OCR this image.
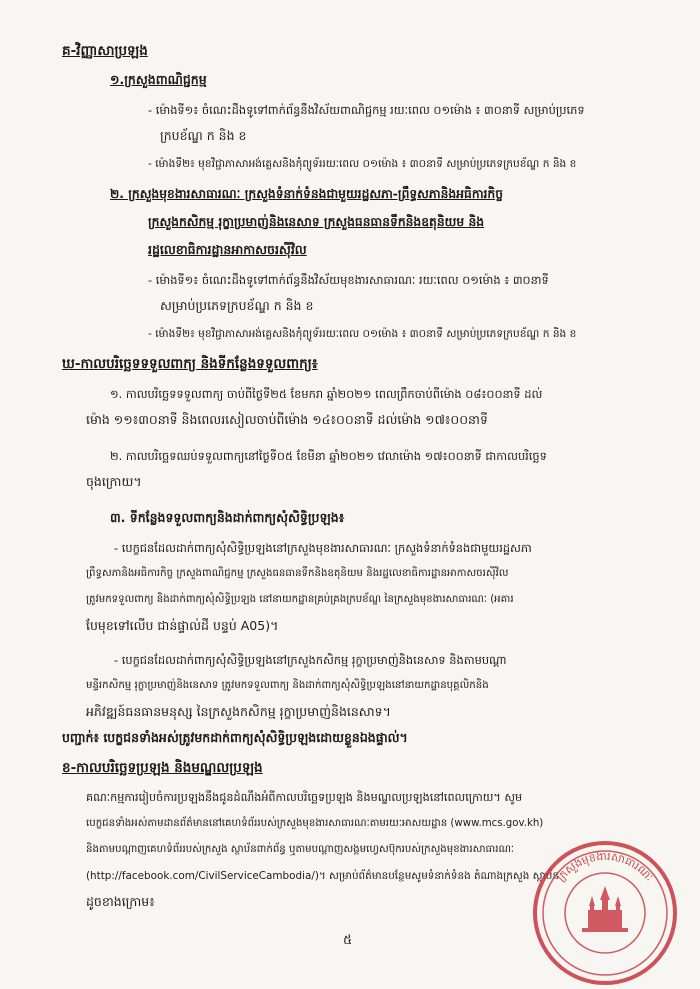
គ-វិញ្ញាសាប្រឡង
១.ក្រសួងពាណិជ្ជកម្ម
- ម៉ោងទី១៖ ចំណេះដឹងទូទៅពាក់ព័ន្ធនឹងវិស័យពាណិជ្ជកម្ម រយៈពេល ០១ម៉ោង ៖ ៣០នាទី សម្រាប់ប្រភេទ
ក្របខ័ណ្ឌ ក និង ខ
- ម៉ោងទី២៖ មុខវិជ្ជាភាសាអង់គ្លេសនិងកុំព្យូទ័ររយៈពេល ០១ម៉ោង ៖ ៣០នាទី សម្រាប់ប្រភេទក្របខ័ណ្ឌ ក និង ខ
២. ក្រសួងមុខងារសាធារណៈ ក្រសួងទំនាក់ទំនងជាមួយរដ្ឋសភា-ព្រឹទ្ធសភានិងអធិការកិច្ច
ក្រសួងកសិកម្ម រុក្ខាប្រមាញ់និងនេសាទ ក្រសួងធនធានទឹកនិងឧតុនិយម និង
រដ្ឋលេខាធិការដ្ឋានអាកាសចរស៊ីវិល
- ម៉ោងទី១៖ ចំណេះដឹងទូទៅពាក់ព័ន្ធនឹងវិស័យមុខងារសាធារណៈ រយៈពេល ០១ម៉ោង ៖ ៣០នាទី
សម្រាប់ប្រភេទក្របខ័ណ្ឌ ក និង ខ
- ម៉ោងទី២៖ មុខវិជ្ជាភាសាអង់គ្លេសនិងកុំព្យូទ័ររយៈពេល ០១ម៉ោង ៖ ៣០នាទី សម្រាប់ប្រភេទក្របខ័ណ្ឌ ក និង ខ
ឃ-កាលបរិច្ឆេទទទួលពាក្យ និងទីកន្លែងទទួលពាក្យ៖
១. កាលបរិច្ឆេទទទួលពាក្យ ចាប់ពីថ្ងៃទី២៥ ខែមករា ឆ្នាំ២០២១ ពេលព្រឹកចាប់ពីម៉ោង ០៨៖០០នាទី ដល់
ម៉ោង ១១៖៣០នាទី និងពេលរសៀលចាប់ពីម៉ោង ១៤៖០០នាទី ដល់ម៉ោង ១៧៖០០នាទី
២. កាលបរិច្ឆេទឈប់ទទួលពាក្យនៅថ្ងៃទី០៥ ខែមីនា ឆ្នាំ២០២១ វេលាម៉ោង ១៧៖០០នាទី ជាកាលបរិច្ឆេទ
ចុងក្រោយ។
៣. ទីកន្លែងទទួលពាក្យនិងដាក់ពាក្យសុំសិទ្ធិប្រឡង៖
- បេក្ខជនដែលដាក់ពាក្យសុំសិទ្ធិប្រឡងនៅក្រសួងមុខងារសាធារណៈ ក្រសួងទំនាក់ទំនងជាមួយរដ្ឋសភា
ព្រឹទ្ធសភានិងអធិការកិច្ច ក្រសួងពាណិជ្ជកម្ម ក្រសួងធនធានទឹកនិងឧតុនិយម និងរដ្ឋលេខាធិការដ្ឋានអាកាសចរស៊ីវិល
ត្រូវមកទទួលពាក្យ និងដាក់ពាក្យសុំសិទ្ធិប្រឡង នៅនាយកដ្ឋានគ្រប់គ្រងក្របខ័ណ្ឌ នៃក្រសួងមុខងារសាធារណៈ (អគារ
បែមុខទៅលើប ជាន់ផ្ទាល់ដី បន្ទប់ A05)។
- បេក្ខជនដែលដាក់ពាក្យសុំសិទ្ធិប្រឡងនៅក្រសួងកសិកម្ម រុក្ខាប្រមាញ់និងនេសាទ និងតាមបណ្តា
មន្ទីរកសិកម្ម រុក្ខាប្រមាញ់និងនេសាទ ត្រូវមកទទួលពាក្យ និងដាក់ពាក្យសុំសិទ្ធិប្រឡងនៅនាយកដ្ឋានបុគ្គលិកនិង
អភិវឌ្ឍន៍ធនធានមនុស្ស នៃក្រសួងកសិកម្ម រុក្ខាប្រមាញ់និងនេសាទ។
បញ្ជាក់៖ បេក្ខជនទាំងអស់ត្រូវមកដាក់ពាក្យសុំសិទ្ធិប្រឡងដោយខ្លួនឯងផ្ទាល់។
ខ-កាលបរិច្ឆេទប្រឡង និងមណ្ឌលប្រឡង
គណៈកម្មការរៀបចំការប្រឡងនឹងជូនដំណឹងអំពីកាលបរិច្ឆេទប្រឡង និងមណ្ឌលប្រឡងនៅពេលក្រោយ។ សូម
បេក្ខជនទាំងអស់តាមដានព័ត៌មាននៅគេហទំព័ររបស់ក្រសួងមុខងារសាធារណៈតាមរយៈអាសយដ្ឋាន (www.mcs.gov.kh)
និងតាមបណ្តាញគេហទំព័ររបស់ក្រសួង ស្ថាប័នពាក់ព័ន្ធ ឬតាមបណ្តាញសង្គមហ្វេសប៊ុករបស់ក្រសួងមុខងារសាធារណៈ
(http://facebook.com/CivilServiceCambodia/)។ សម្រាប់ព័ត៌មានបន្ថែមសូមទំនាក់ទំនង តំណាងក្រសួង ស្ថាប័ន
ដូចខាងក្រោម៖
៥
ក្រសួងមុខងារសាធារណៈ
